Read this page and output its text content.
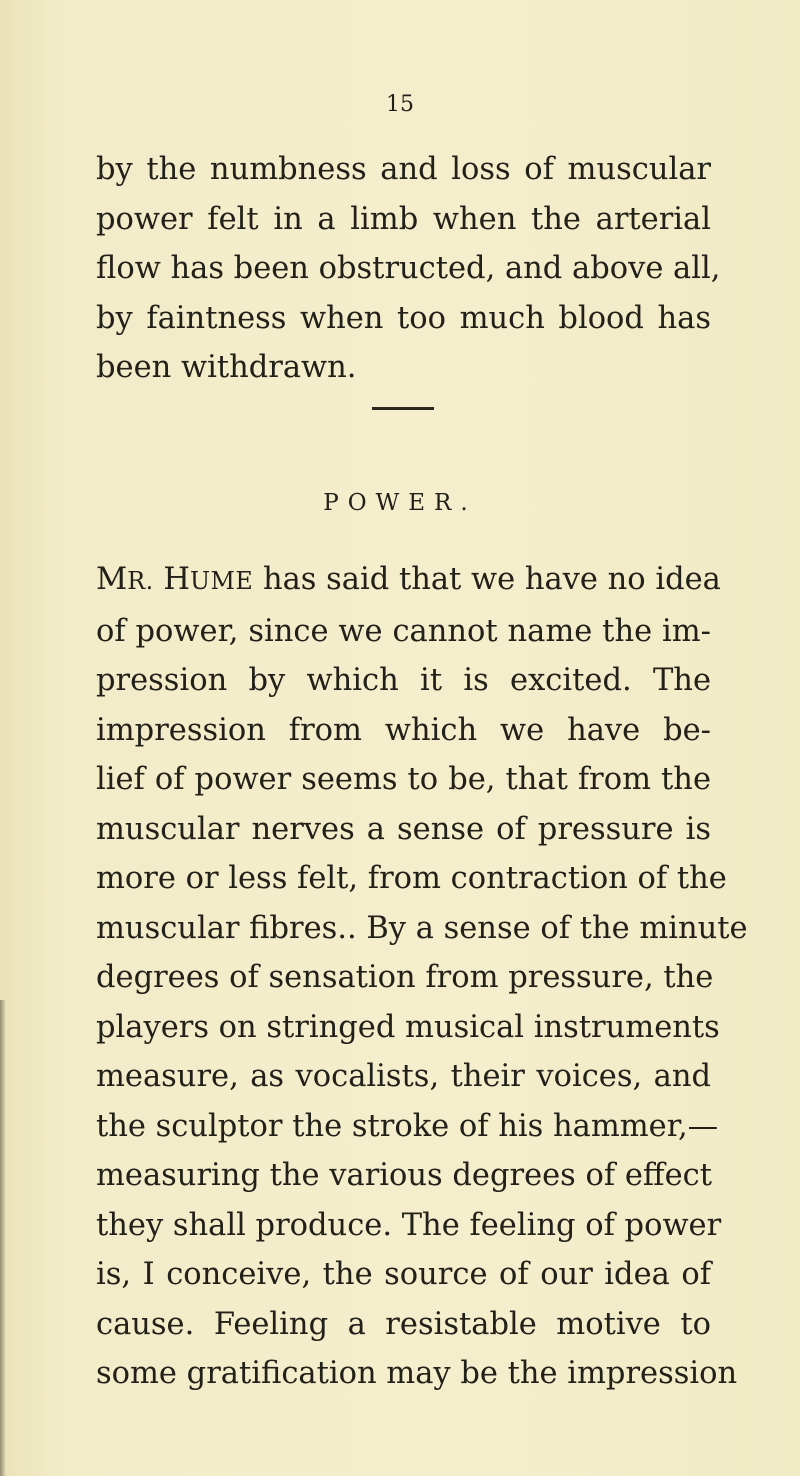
15
by the numbness and loss of muscular
power felt in a limb when the arterial
flow has been obstructed, and above all,
by faintness when too much blood has
been withdrawn.
POWER.
MR. HUME has said that we have no idea
of power, since we cannot name the im-
pression by which it is excited. The
impression from which we have be-
lief of power seems to be, that from the
muscular nerves a sense of pressure is
more or less felt, from contraction of the
muscular fibres.. By a sense of the minute
degrees of sensation from pressure, the
players on stringed musical instruments
measure, as vocalists, their voices, and
the sculptor the stroke of his hammer,—
measuring the various degrees of effect
they shall produce. The feeling of power
is, I conceive, the source of our idea of
cause. Feeling a resistable motive to
some gratification may be the impression
